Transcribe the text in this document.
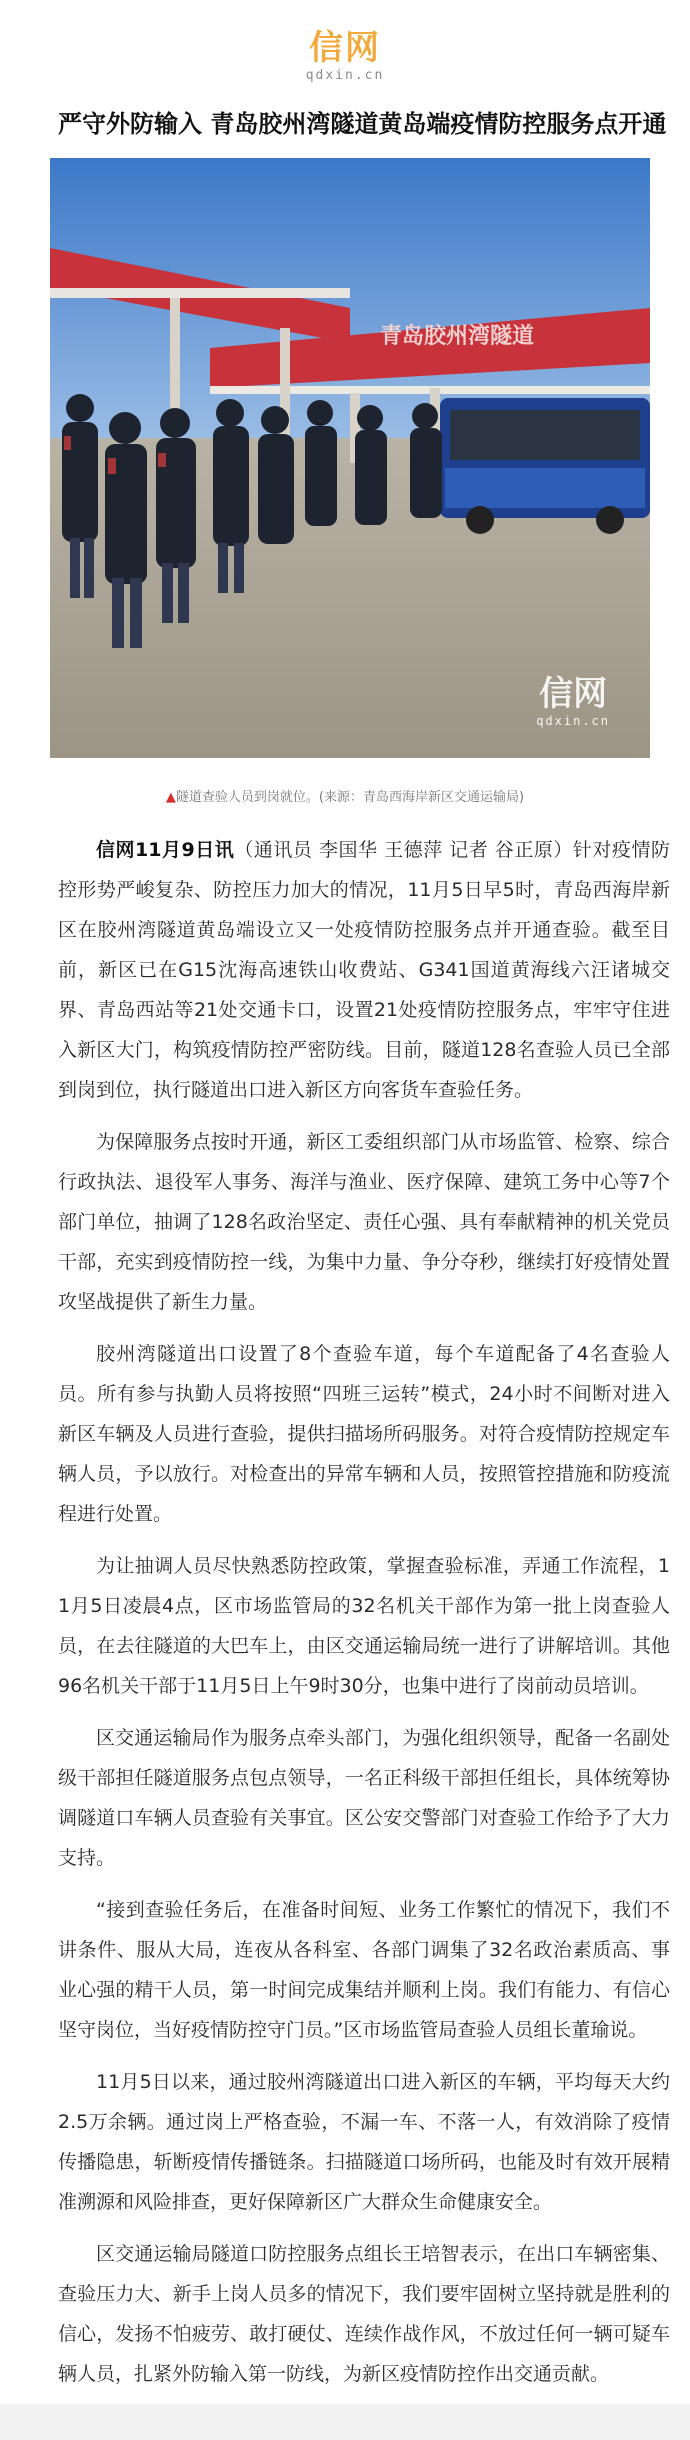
信网
qdxin.cn
严守外防输入 青岛胶州湾隧道黄岛端疫情防控服务点开通
青岛胶州湾隧道
信网
qdxin.cn

▲隧道查验人员到岗就位。(来源：青岛西海岸新区交通运输局)

信网11月9日讯（通讯员 李国华 王德萍 记者 谷正原）针对疫情防控形势严峻复杂、防控压力加大的情况，11月5日早5时，青岛西海岸新区在胶州湾隧道黄岛端设立又一处疫情防控服务点并开通查验。截至目前，新区已在G15沈海高速铁山收费站、G341国道黄海线六汪诸城交界、青岛西站等21处交通卡口，设置21处疫情防控服务点，牢牢守住进入新区大门，构筑疫情防控严密防线。目前，隧道128名查验人员已全部到岗到位，执行隧道出口进入新区方向客货车查验任务。

为保障服务点按时开通，新区工委组织部门从市场监管、检察、综合行政执法、退役军人事务、海洋与渔业、医疗保障、建筑工务中心等7个部门单位，抽调了128名政治坚定、责任心强、具有奉献精神的机关党员干部，充实到疫情防控一线，为集中力量、争分夺秒，继续打好疫情处置攻坚战提供了新生力量。

胶州湾隧道出口设置了8个查验车道，每个车道配备了4名查验人员。所有参与执勤人员将按照“四班三运转”模式，24小时不间断对进入新区车辆及人员进行查验，提供扫描场所码服务。对符合疫情防控规定车辆人员，予以放行。对检查出的异常车辆和人员，按照管控措施和防疫流程进行处置。

为让抽调人员尽快熟悉防控政策，掌握查验标准，弄通工作流程，11月5日凌晨4点，区市场监管局的32名机关干部作为第一批上岗查验人员，在去往隧道的大巴车上，由区交通运输局统一进行了讲解培训。其他96名机关干部于11月5日上午9时30分，也集中进行了岗前动员培训。

区交通运输局作为服务点牵头部门，为强化组织领导，配备一名副处级干部担任隧道服务点包点领导，一名正科级干部担任组长，具体统筹协调隧道口车辆人员查验有关事宜。区公安交警部门对查验工作给予了大力支持。

“接到查验任务后，在准备时间短、业务工作繁忙的情况下，我们不讲条件、服从大局，连夜从各科室、各部门调集了32名政治素质高、事业心强的精干人员，第一时间完成集结并顺利上岗。我们有能力、有信心坚守岗位，当好疫情防控守门员。”区市场监管局查验人员组长董瑜说。

11月5日以来，通过胶州湾隧道出口进入新区的车辆，平均每天大约2.5万余辆。通过岗上严格查验，不漏一车、不落一人，有效消除了疫情传播隐患，斩断疫情传播链条。扫描隧道口场所码，也能及时有效开展精准溯源和风险排查，更好保障新区广大群众生命健康安全。

区交通运输局隧道口防控服务点组长王培智表示，在出口车辆密集、查验压力大、新手上岗人员多的情况下，我们要牢固树立坚持就是胜利的信心，发扬不怕疲劳、敢打硬仗、连续作战作风，不放过任何一辆可疑车辆人员，扎紧外防输入第一防线，为新区疫情防控作出交通贡献。
